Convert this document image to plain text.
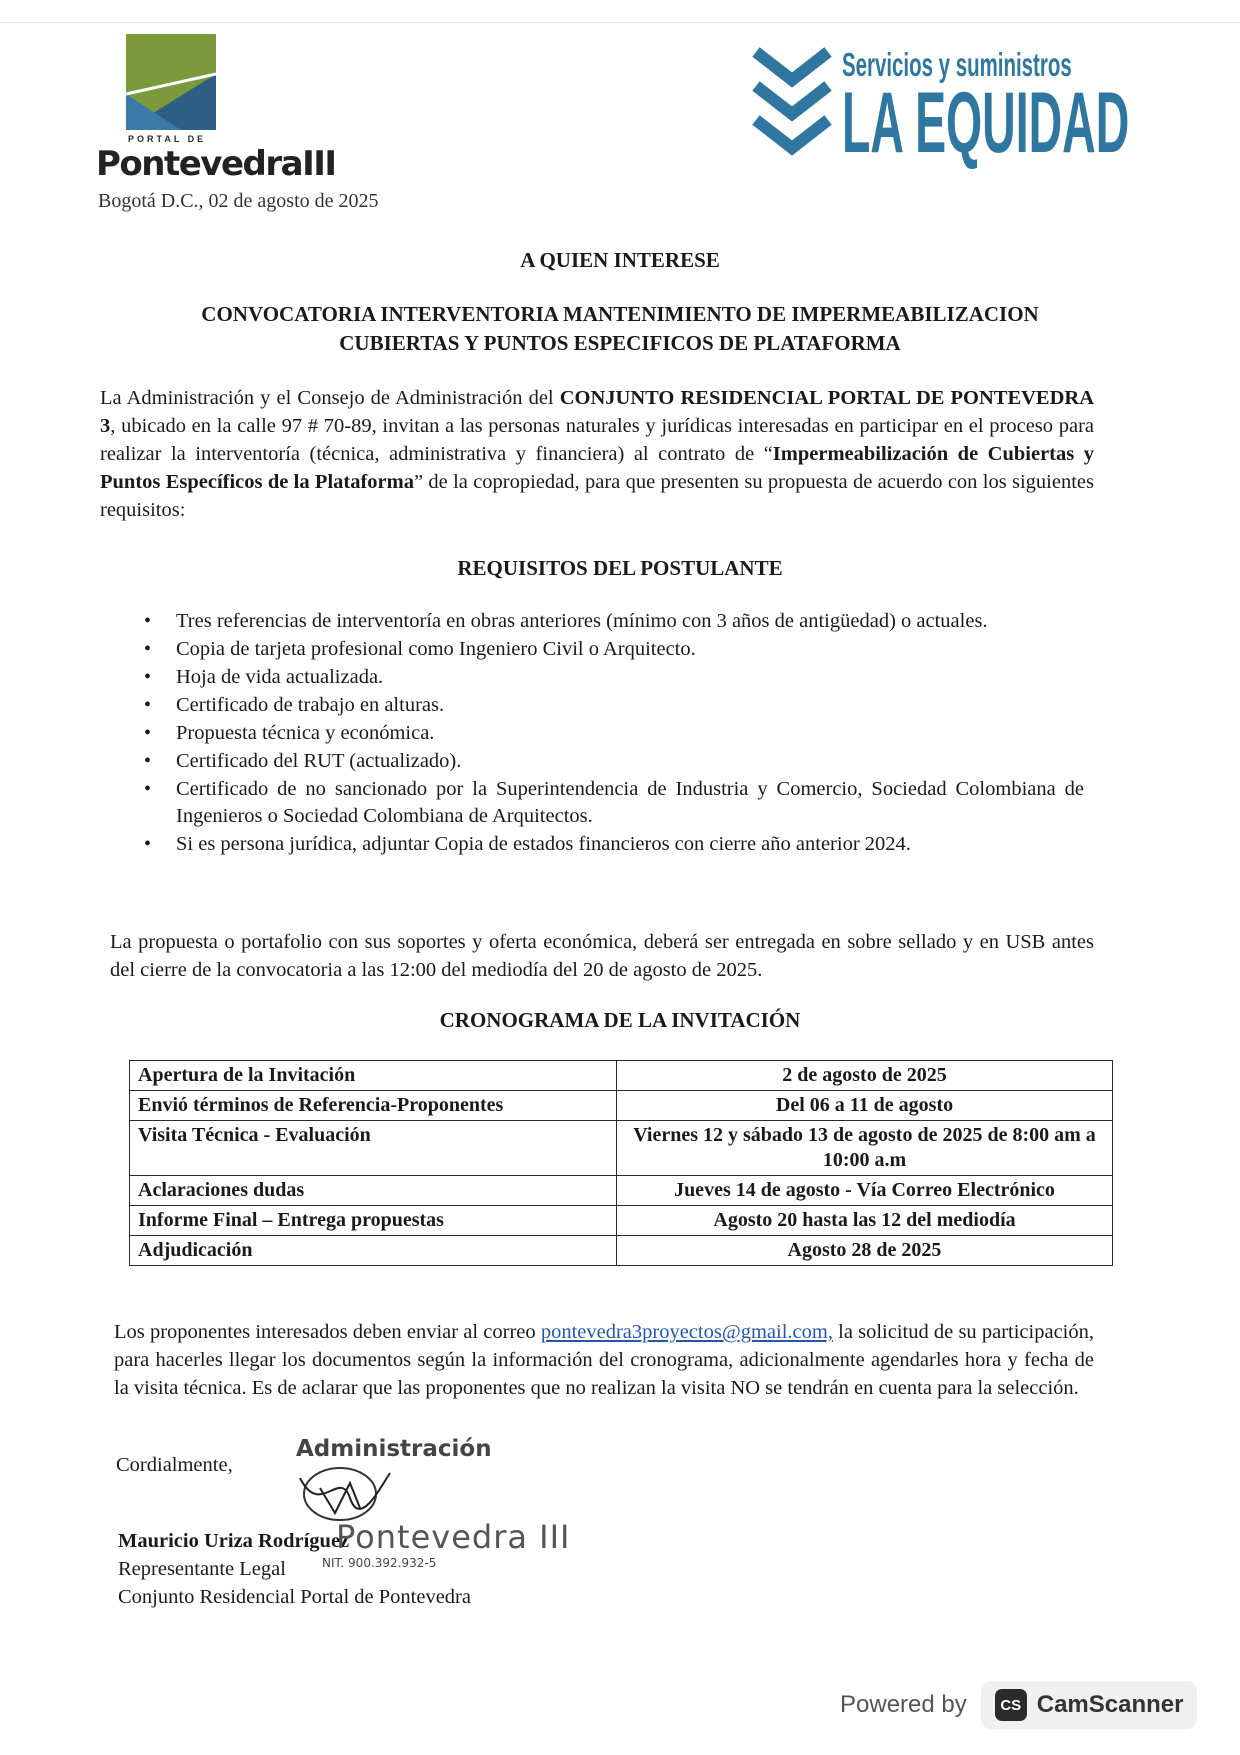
PORTAL DE
PontevedraIII
Servicios y suministros
LA EQUIDAD
Bogotá D.C., 02 de agosto de 2025
A QUIEN INTERESE
CONVOCATORIA INTERVENTORIA MANTENIMIENTO DE IMPERMEABILIZACION
CUBIERTAS Y PUNTOS ESPECIFICOS DE PLATAFORMA
La Administración y el Consejo de Administración del CONJUNTO RESIDENCIAL PORTAL DE PONTEVEDRA 3, ubicado en la calle 97 # 70-89, invitan a las personas naturales y jurídicas interesadas en participar en el proceso para realizar la interventoría (técnica, administrativa y financiera) al contrato de “Impermeabilización de Cubiertas y Puntos Específicos de la Plataforma” de la copropiedad, para que presenten su propuesta de acuerdo con los siguientes requisitos:
REQUISITOS DEL POSTULANTE
• Tres referencias de interventoría en obras anteriores (mínimo con 3 años de antigüedad) o actuales.
• Copia de tarjeta profesional como Ingeniero Civil o Arquitecto.
• Hoja de vida actualizada.
• Certificado de trabajo en alturas.
• Propuesta técnica y económica.
• Certificado del RUT (actualizado).
• Certificado de no sancionado por la Superintendencia de Industria y Comercio, Sociedad Colombiana de Ingenieros o Sociedad Colombiana de Arquitectos.
• Si es persona jurídica, adjuntar Copia de estados financieros con cierre año anterior 2024.
La propuesta o portafolio con sus soportes y oferta económica, deberá ser entregada en sobre sellado y en USB antes del cierre de la convocatoria a las 12:00 del mediodía del 20 de agosto de 2025.
CRONOGRAMA DE LA INVITACIÓN
Apertura de la Invitación	2 de agosto de 2025
Envió términos de Referencia-Proponentes	Del 06 a 11 de agosto
Visita Técnica - Evaluación	Viernes 12 y sábado 13 de agosto de 2025 de 8:00 am a 10:00 a.m
Aclaraciones dudas	Jueves 14 de agosto - Vía Correo Electrónico
Informe Final – Entrega propuestas	Agosto 20 hasta las 12 del mediodía
Adjudicación	Agosto 28 de 2025
Los proponentes interesados deben enviar al correo pontevedra3proyectos@gmail.com, la solicitud de su participación, para hacerles llegar los documentos según la información del cronograma, adicionalmente agendarles hora y fecha de la visita técnica. Es de aclarar que las proponentes que no realizan la visita NO se tendrán en cuenta para la selección.
Cordialmente,
Administración
Mauricio Uriza Rodríguez
Pontevedra III
Representante Legal	NIT. 900.392.932-5
Conjunto Residencial Portal de Pontevedra
Powered by	CS CamScanner
